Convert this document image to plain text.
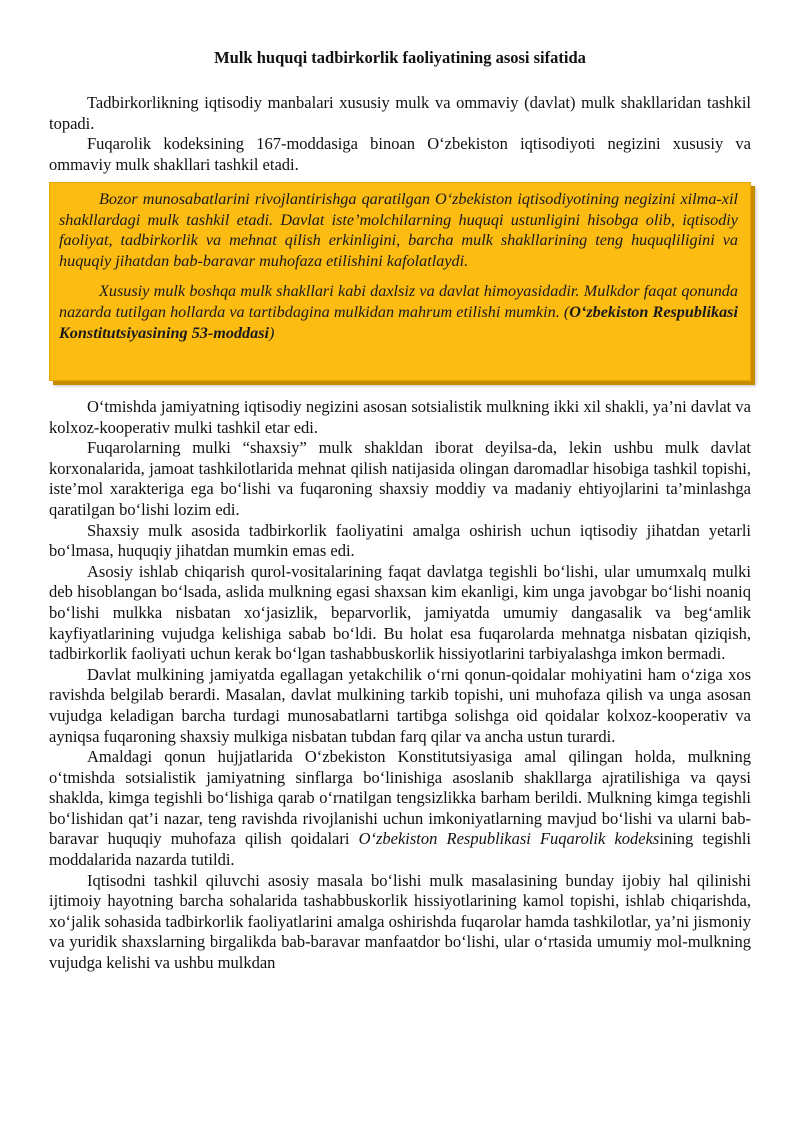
Mulk huquqi tadbirkorlik faoliyatining asosi sifatida

Tadbirkorlikning iqtisodiy manbalari xususiy mulk va ommaviy (davlat) mulk shakllaridan tashkil topadi.

Fuqarolik kodeksining 167-moddasiga binoan O‘zbekiston iqtisodiyoti negizini xususiy va ommaviy mulk shakllari tashkil etadi.

Bozor munosabatlarini rivojlantirishga qaratilgan O‘zbekiston iqtisodiyotining negizini xilma-xil shakllardagi mulk tashkil etadi. Davlat iste’molchilarning huquqi ustunligini hisobga olib, iqtisodiy faoliyat, tadbirkorlik va mehnat qilish erkinligini, barcha mulk shakllarining teng huquqliligini va huquqiy jihatdan bab-baravar muhofaza etilishini kafolatlaydi.

Xususiy mulk boshqa mulk shakllari kabi daxlsiz va davlat himoyasidadir. Mulkdor faqat qonunda nazarda tutilgan hollarda va tartibdagina mulkidan mahrum etilishi mumkin. (O‘zbekiston Respublikasi Konstitutsiyasining 53-moddasi)

O‘tmishda jamiyatning iqtisodiy negizini asosan sotsialistik mulkning ikki xil shakli, ya’ni davlat va kolxoz-kooperativ mulki tashkil etar edi.

Fuqarolarning mulki “shaxsiy” mulk shakldan iborat deyilsa-da, lekin ushbu mulk davlat korxonalarida, jamoat tashkilotlarida mehnat qilish natijasida olingan daromadlar hisobiga tashkil topishi, iste’mol xarakteriga ega bo‘lishi va fuqaroning shaxsiy moddiy va madaniy ehtiyojlarini ta’minlashga qaratilgan bo‘lishi lozim edi.

Shaxsiy mulk asosida tadbirkorlik faoliyatini amalga oshirish uchun iqtisodiy jihatdan yetarli bo‘lmasa, huquqiy jihatdan mumkin emas edi.

Asosiy ishlab chiqarish qurol-vositalarining faqat davlatga tegishli bo‘lishi, ular umumxalq mulki deb hisoblangan bo‘lsada, aslida mulkning egasi shaxsan kim ekanligi, kim unga javobgar bo‘lishi noaniq bo‘lishi mulkka nisbatan xo‘jasizlik, beparvorlik, jamiyatda umumiy dangasalik va beg‘amlik kayfiyatlarining vujudga kelishiga sabab bo‘ldi. Bu holat esa fuqarolarda mehnatga nisbatan qiziqish, tadbirkorlik faoliyati uchun kerak bo‘lgan tashabbuskorlik hissiyotlarini tarbiyalashga imkon bermadi.

Davlat mulkining jamiyatda egallagan yetakchilik o‘rni qonun-qoidalar mohiyatini ham o‘ziga xos ravishda belgilab berardi. Masalan, davlat mulkining tarkib topishi, uni muhofaza qilish va unga asosan vujudga keladigan barcha turdagi munosabatlarni tartibga solishga oid qoidalar kolxoz-kooperativ va ayniqsa fuqaroning shaxsiy mulkiga nisbatan tubdan farq qilar va ancha ustun turardi.

Amaldagi qonun hujjatlarida O‘zbekiston Konstitutsiyasiga amal qilingan holda, mulkning o‘tmishda sotsialistik jamiyatning sinflarga bo‘linishiga asoslanib shakllarga ajratilishiga va qaysi shaklda, kimga tegishli bo‘lishiga qarab o‘rnatilgan tengsizlikka barham berildi. Mulkning kimga tegishli bo‘lishidan qat’i nazar, teng ravishda rivojlanishi uchun imkoniyatlarning mavjud bo‘lishi va ularni bab-baravar huquqiy muhofaza qilish qoidalari O‘zbekiston Respublikasi Fuqarolik kodeksining tegishli moddalarida nazarda tutildi.

Iqtisodni tashkil qiluvchi asosiy masala bo‘lishi mulk masalasining bunday ijobiy hal qilinishi ijtimoiy hayotning barcha sohalarida tashabbuskorlik hissiyotlarining kamol topishi, ishlab chiqarishda, xo‘jalik sohasida tadbirkorlik faoliyatlarini amalga oshirishda fuqarolar hamda tashkilotlar, ya’ni jismoniy va yuridik shaxslarning birgalikda bab-baravar manfaatdor bo‘lishi, ular o‘rtasida umumiy mol-mulkning vujudga kelishi va ushbu mulkdan
